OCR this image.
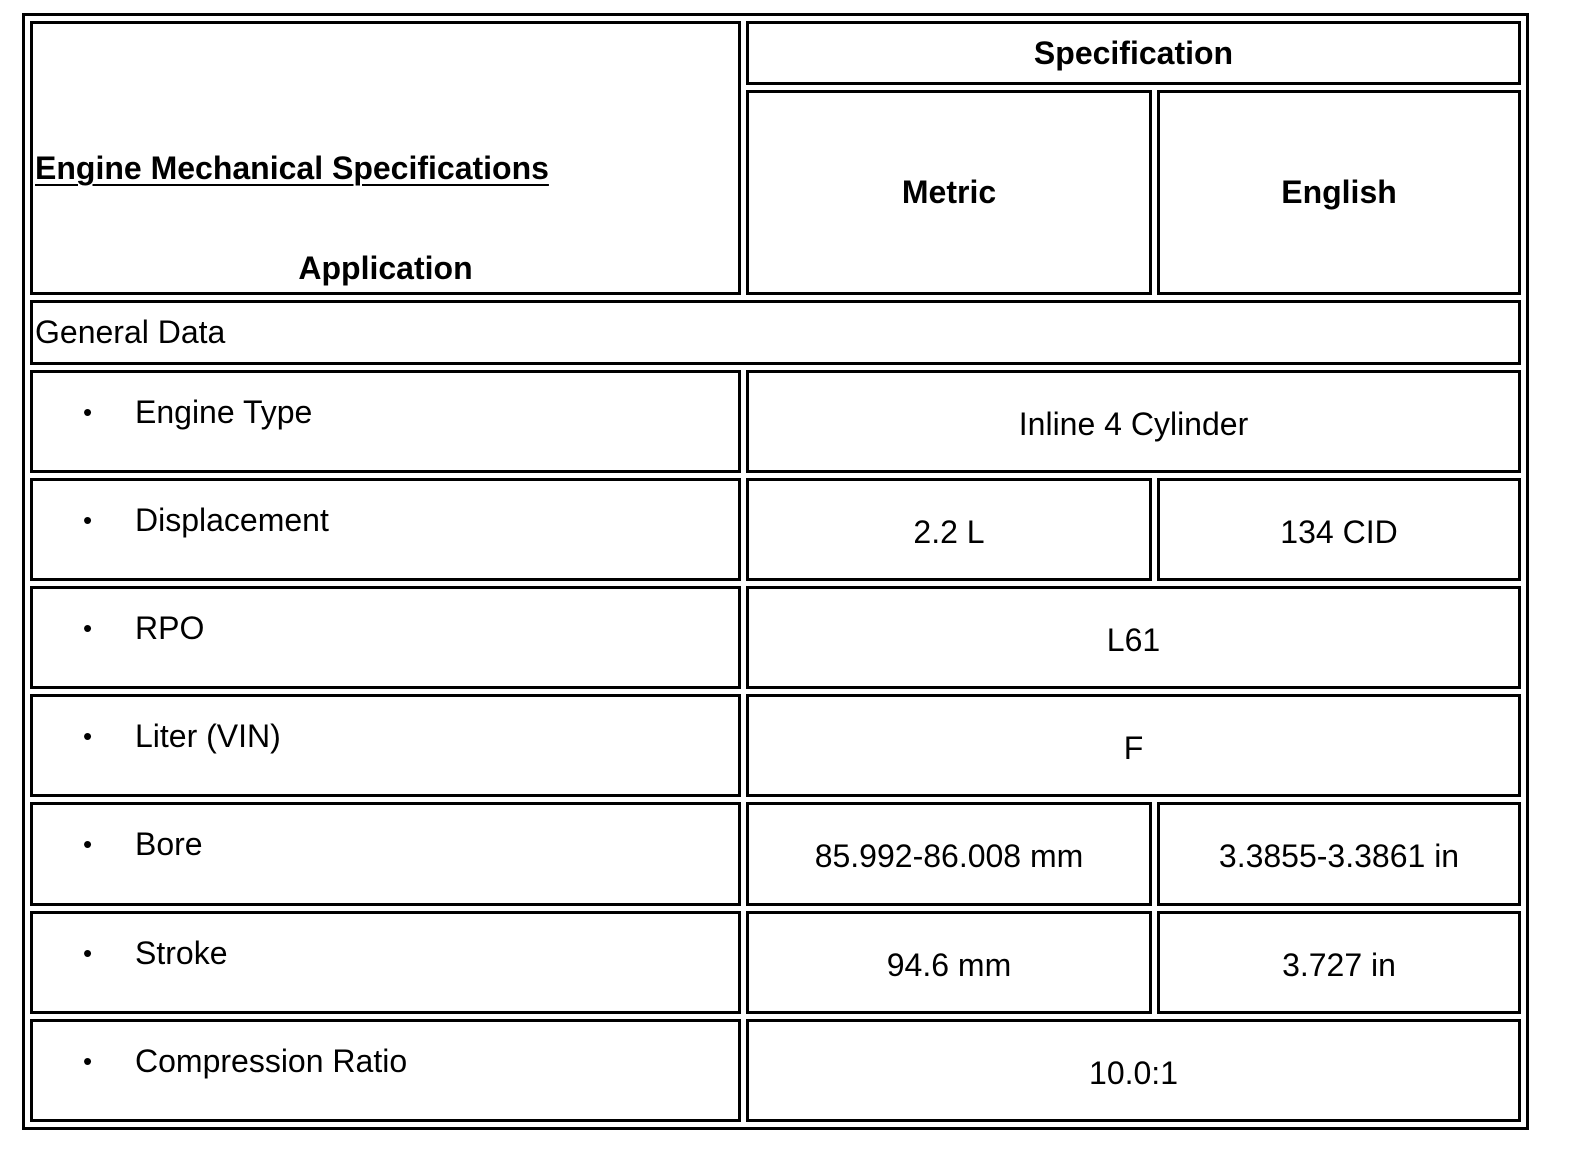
Engine Mechanical Specifications
Application	Specification	
	Metric	English
General Data		

• Engine Type	Inline 4 Cylinder	

• Displacement	2.2 L	134 CID

• RPO	L61	

• Liter (VIN)	F	

• Bore	85.992-86.008 mm	3.3855-3.3861 in

• Stroke	94.6 mm	3.727 in

• Compression Ratio	10.0:1	
